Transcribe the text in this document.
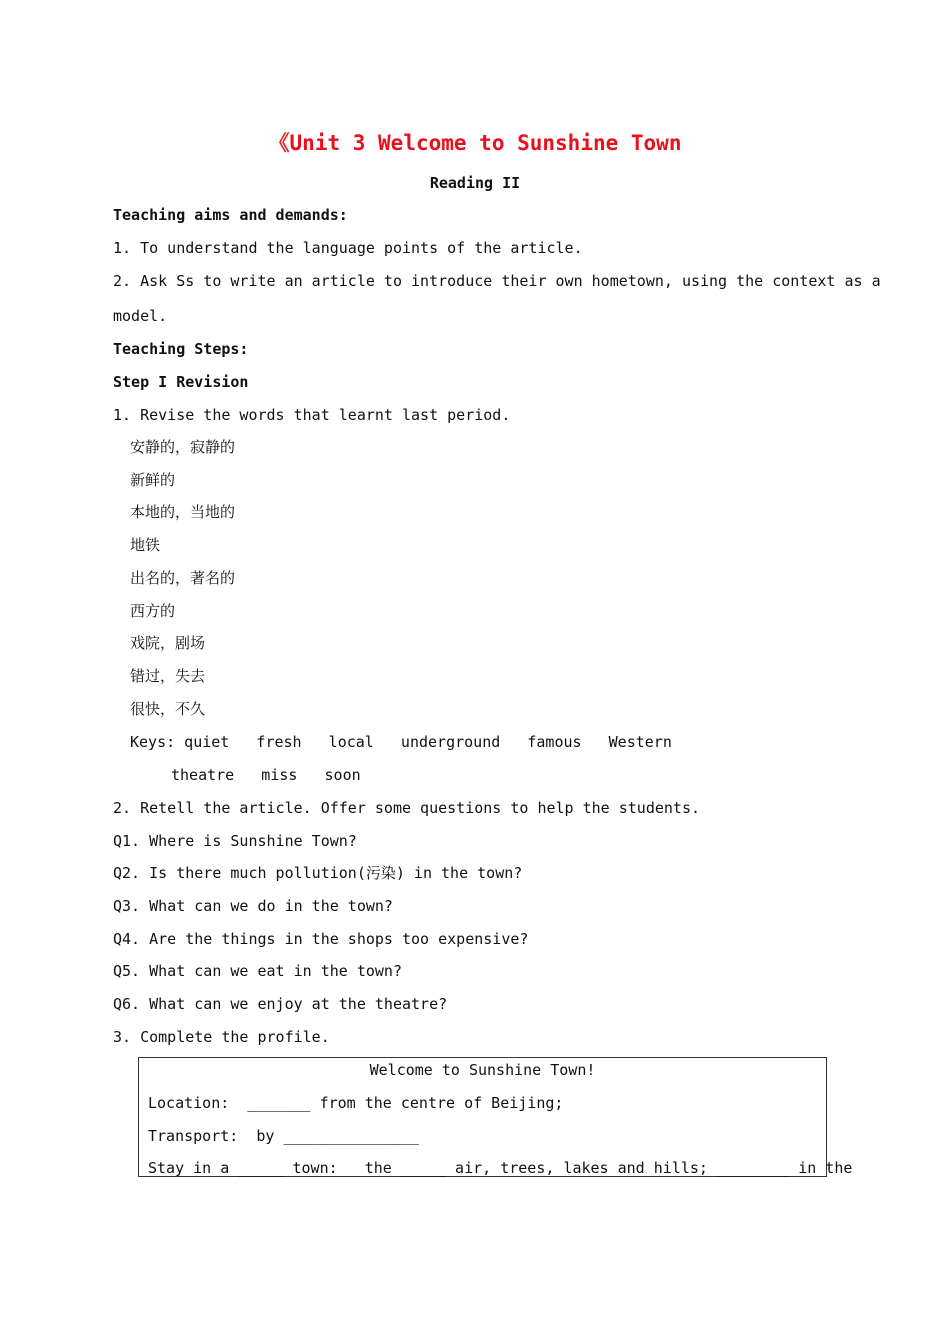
《Unit 3 Welcome to Sunshine Town
Reading II
Teaching aims and demands:
1. To understand the language points of the article.
2. Ask Ss to write an article to introduce their own hometown, using the context as a
model.
Teaching Steps:
Step I Revision
1. Revise the words that learnt last period.
安静的，寂静的
新鲜的
本地的，当地的
地铁
出名的，著名的
西方的
戏院，剧场
错过，失去
很快，不久
Keys: quiet   fresh   local   underground   famous   Western
theatre   miss   soon
2. Retell the article. Offer some questions to help the students.
Q1. Where is Sunshine Town?
Q2. Is there much pollution(污染) in the town?
Q3. What can we do in the town?
Q4. Are the things in the shops too expensive?
Q5. What can we eat in the town?
Q6. What can we enjoy at the theatre?
3. Complete the profile.
Welcome to Sunshine Town!
Location:  _______ from the centre of Beijing;
Transport:  by _______________
Stay in a _____ town:   the _____ air, trees, lakes and hills; ________ in the
